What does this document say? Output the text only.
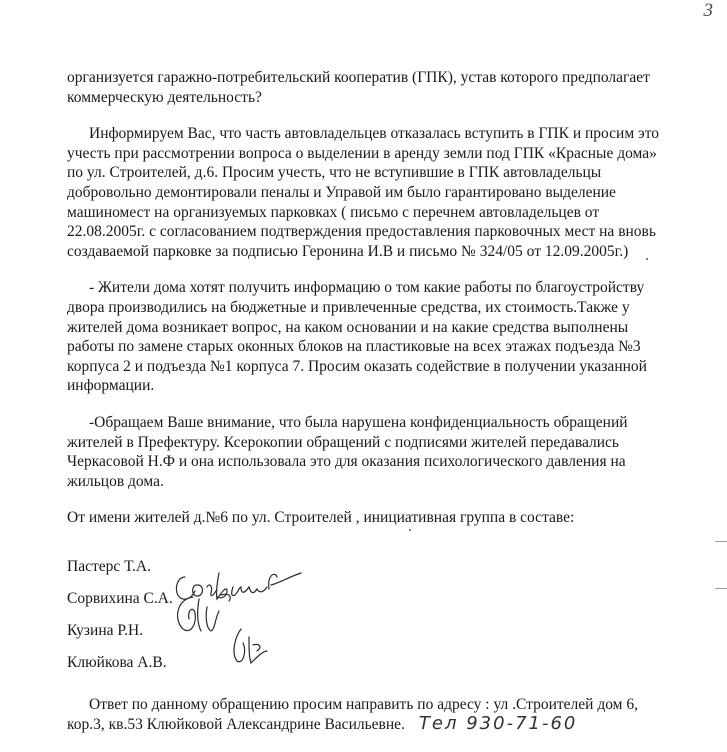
3

организуется гаражно-потребительский кооператив (ГПК), устав которого предполагает коммерческую деятельность?

Информируем Вас, что часть автовладельцев отказалась вступить в ГПК и просим это учесть при рассмотрении вопроса о выделении в аренду земли под ГПК «Красные дома» по ул. Строителей, д.6. Просим учесть, что не вступившие в ГПК автовладельцы добровольно демонтировали пеналы и Управой им было гарантировано выделение машиномест на организуемых парковках ( письмо с перечнем автовладельцев от 22.08.2005г. с согласованием подтверждения предоставления парковочных мест на вновь создаваемой парковке за подписью Геронина И.В и письмо № 324/05 от 12.09.2005г.)

- Жители дома хотят получить информацию о том какие работы по благоустройству двора производились на бюджетные и привлеченные средства, их стоимость.Также у жителей дома возникает вопрос, на каком основании и на какие средства выполнены работы по замене старых оконных блоков на пластиковые на всех этажах подъезда №3 корпуса 2 и подъезда №1 корпуса 7. Просим оказать содействие в получении указанной информации.

-Обращаем Ваше внимание, что была нарушена конфиденциальность обращений жителей в Префектуру. Ксерокопии обращений с подписями жителей передавались Черкасовой Н.Ф и она использовала это для оказания психологического давления на жильцов дома.

От имени жителей д.№6 по ул. Строителей , инициативная группа в составе:

Пастерс Т.А.
Сорвихина С.А.
Кузина Р.Н.
Клюйкова А.В.

Ответ по данному обращению просим направить по адресу : ул .Строителей дом 6, кор.3, кв.53 Клюйковой Александрине Васильевне. Тел 930-71-60
